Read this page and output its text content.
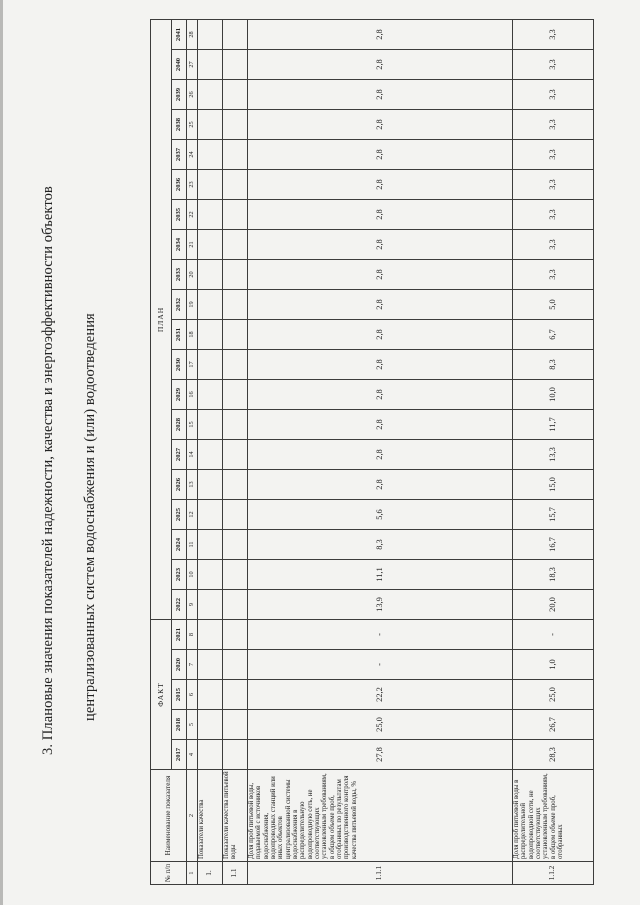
3. Плановые значения показателей надежности, качества и энергоэффективности объектов централизованных систем водоснабжения и (или) водоотведения
№ п/п	Наименование показателя	ФАКТ					ПЛАН																			
		2017	2018	2015	2020	2021	2022	2023	2024	2025	2026	2027	2028	2029	2030	2031	2032	2033	2034	2035	2036	2037	2038	2039	2040	2041
1	2	4	5	6	7	8	9	10	11	12	13	14	15	16	17	18	19	20	21	22	23	24	25	26	27	28
1.	Показатели качества																									
1.1	Показатели качества питьевой воды																									
1.1.1	Доля проб питьевой воды, подаваемой с источников водоснабжения, водопроводных станций или иных объектов централизованной системы водоснабжения в распределительную водопроводную сеть, не соответствующих установленным требованиям, в общем объеме проб, отобранных по результатам производственного контроля качества питьевой воды, %	27,8	25,0	22,2	-	-	13,9	11,1	8,3	5,6	2,8	2,8	2,8	2,8	2,8	2,8	2,8	2,8	2,8	2,8	2,8	2,8	2,8	2,8	2,8	2,8
1.1.2	Доля проб питьевой воды в распределительной водопроводной сети, не соответствующих установленным требованиям, в общем объеме проб, отобранных	28,3	26,7	25,0	1,0	-	20,0	18,3	16,7	15,7	15,0	13,3	11,7	10,0	8,3	6,7	5,0	3,3	3,3	3,3	3,3	3,3	3,3	3,3	3,3	3,3
